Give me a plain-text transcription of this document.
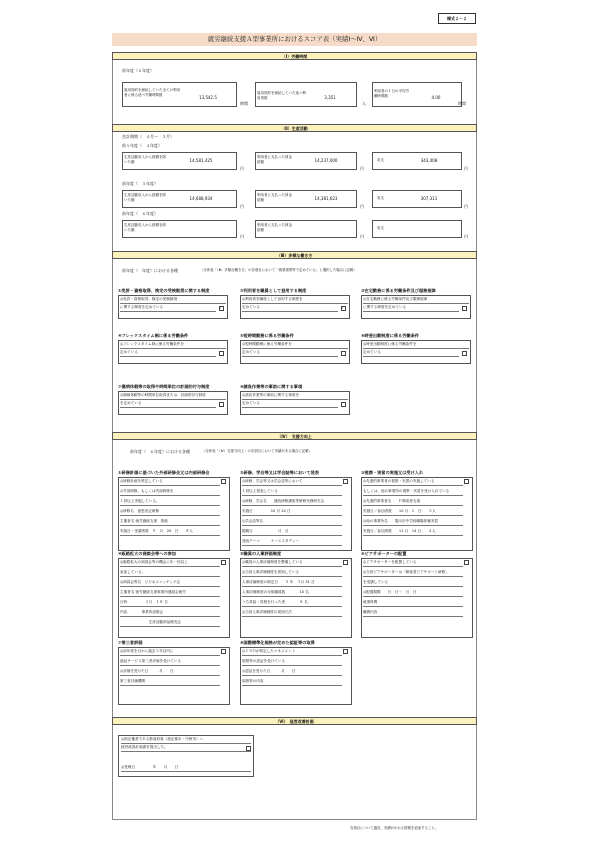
様式２－２
就労継続支援Ａ型事業所におけるスコア表（実績Ⅰ～Ⅳ、Ⅵ）
（Ⅰ）労働時間
前年度（６年度）
雇用契約を締結していた全ての利用者に係る延べ労働時間数
13,542.5
時間
雇用契約を締結していた延べ利用者数	3,351
人
利用者の１日の平均労働時間数	4.00
時間
（Ⅱ）生産活動
会計期間（　４月～　３月）
前々年度（　４年度）
生産活動収入から経費を除いた額	14,581,425
円
利用者に支払った賃金総額	14,237,000
円
収支	343,408
円
前年度（　５年度）
生産活動収入から経費を除いた額	14,688,934
円
利用者に支払った賃金総額	14,381,623
円
収支	307,311
円
前年度（　６年度）
生産活動収入から経費を除いた額
円
利用者に支払った賃金総額
円
収支
円
（Ⅲ）多様な働き方
前年度（　年度）における各種	（全体表「（Ⅲ）多様な働き方」の各項目において「就業規則等で定めている」と選択した場合に記載）
①免許・資格取得、検定の受検勧奨に関する制度
◎免許・資格取得、検定の受検勧奨
に関する制度を定めている	✓
②利用者を職員として登用する制度
◎利用者を職員として登用する制度を
定めている	✓
③在宅勤務に係る労働条件及び服務規律
◎在宅勤務に係る労働条件及び服務規律
に関する制度を定めている
④フレックスタイム制に係る労働条件
◎フレックスタイム制に係る労働条件を
定めている
⑤短時間勤務に係る労働条件
◎短時間勤務に係る労働条件を
定めている
⑥時差出勤制度に係る労働条件
◎時差出勤制度に係る労働条件を
定めている
⑦傷病休暇等の取得や時間単位の計画的付与制度
◎傷病休暇等の時間単位取得または、計画的付与制度
を定めている
⑧請負作業等の事前に関する事項
◎請負作業等の事前に関する事項を
定めている
（Ⅳ）　支援力向上
前年度（　６年度）における各種	（全体表「（Ⅳ）支援力向上」の各項目において実績がある場合に記載）
①研修計画に基づいた外部研修会又は内部研修会
◎研修計画を策定している
◎外部研修、もしくは内部研修を
１回以上実施している。
◎研修名　意思決定研修
主催者名 就労継続支援　推進
実施日・受講者数　９　月　20　日　　８人
②研修、学会等又は学会誌等において発表
◎研修、学会等又は学会誌等において
１回以上発表している
◎研修、学会名　　連続研修講座等研修実務研究会
実施日　　　　　10 月 24 日
◎学会誌等名
掲載日　　　　　　　月　日
発表テーマ　　　ケーススタディー
③視察・実習の実施又は受け入れ
◎先進的事業者の視察・実習の実施している
もしくは、他の事業所の視察・実習を受け入れている
◎先進的事業者名　　Ｆ障害者支援
実施日／参加者数　　10 月　1　日　　５人
◎他の事業所名　　場川市中学校職場体験実習
実施日／参加者数　　11 月　14 日　　４人
④販路拡大の商談会等への参加
◎販路拡大の商談会等の機会に年一回以上
参加している。
◎商談会等名　ビジネスマッチング会
主催者名 就労継続支援事業所連絡会就労
日時　　　　　２月　１８ 日
内容　　　　事業所説明会
　　　　　　　　生産活動商品販売会
⑤職員の人事評価制度
◎職員の人事評価制度を整備している
◎当該人事評価制度を周知している
人事評価制度の制定日　　５ 年　３月 31 日
人事評価制度の対象職員数　　　　10 名
うち昇給・昇格を行った者　　　　８ 名
◎当該人事評価制度の周知方法
⑥ピアサポーターの配置
◎ピアサポーターを配置している
◎当該ピアサポーターは「障害者ピアサポート研修」
を受講している
◎配置期間　　日　日～　日　日
就業時間
職務内容
⑦第三者評価
◎前年度を目から過去３年以内に
福祉サービス第三者評価を受けている
◎評価を受けた日　　　月　　日
第三者評価機関
⑧国際標準化規格が定めた認証等の取得
◎ＩＳＯが制定したマネジメント
規格等の認証を受けている
◎認証を受けた日　　　月　　日
規格等の内容
（Ⅵ）　経営改善計画
◎指定権者である都道府県（指定都市・中核市）へ
経営改善計画書を提出した。
◎受理日　　　　　年　　月　　日
各項目について適宜、実績がわかる情報を追加すること。
